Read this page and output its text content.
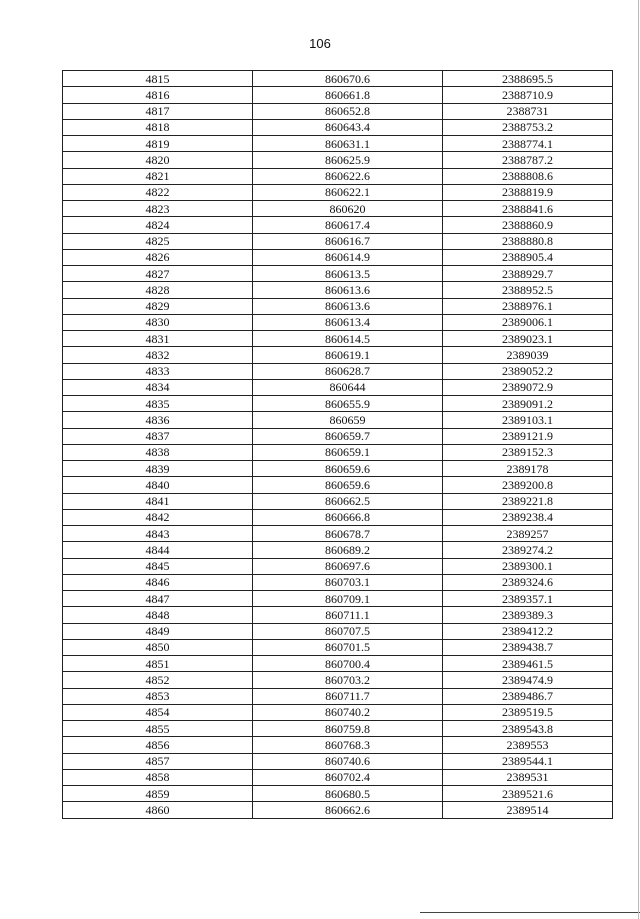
106
4815	860670.6	2388695.5
4816	860661.8	2388710.9
4817	860652.8	2388731
4818	860643.4	2388753.2
4819	860631.1	2388774.1
4820	860625.9	2388787.2
4821	860622.6	2388808.6
4822	860622.1	2388819.9
4823	860620	2388841.6
4824	860617.4	2388860.9
4825	860616.7	2388880.8
4826	860614.9	2388905.4
4827	860613.5	2388929.7
4828	860613.6	2388952.5
4829	860613.6	2388976.1
4830	860613.4	2389006.1
4831	860614.5	2389023.1
4832	860619.1	2389039
4833	860628.7	2389052.2
4834	860644	2389072.9
4835	860655.9	2389091.2
4836	860659	2389103.1
4837	860659.7	2389121.9
4838	860659.1	2389152.3
4839	860659.6	2389178
4840	860659.6	2389200.8
4841	860662.5	2389221.8
4842	860666.8	2389238.4
4843	860678.7	2389257
4844	860689.2	2389274.2
4845	860697.6	2389300.1
4846	860703.1	2389324.6
4847	860709.1	2389357.1
4848	860711.1	2389389.3
4849	860707.5	2389412.2
4850	860701.5	2389438.7
4851	860700.4	2389461.5
4852	860703.2	2389474.9
4853	860711.7	2389486.7
4854	860740.2	2389519.5
4855	860759.8	2389543.8
4856	860768.3	2389553
4857	860740.6	2389544.1
4858	860702.4	2389531
4859	860680.5	2389521.6
4860	860662.6	2389514
